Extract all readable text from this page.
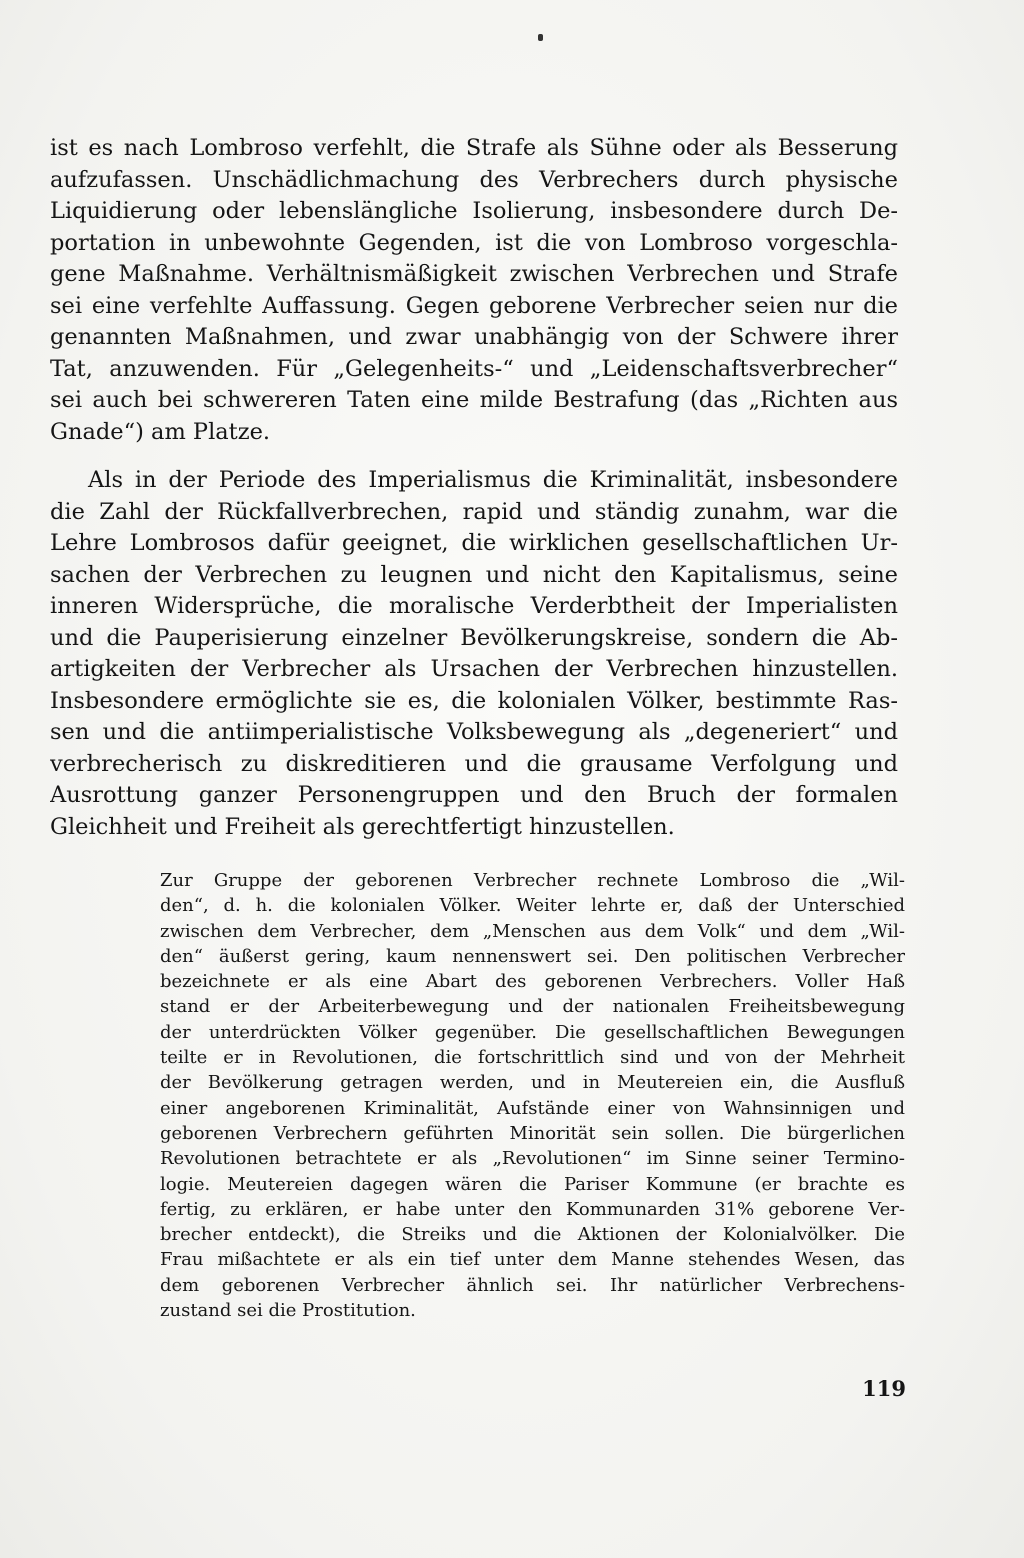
ist es nach Lombroso verfehlt, die Strafe als Sühne oder als Besserung
aufzufassen. Unschädlichmachung des Verbrechers durch physische
Liquidierung oder lebenslängliche Isolierung, insbesondere durch De-
portation in unbewohnte Gegenden, ist die von Lombroso vorgeschla-
gene Maßnahme. Verhältnismäßigkeit zwischen Verbrechen und Strafe
sei eine verfehlte Auffassung. Gegen geborene Verbrecher seien nur die
genannten Maßnahmen, und zwar unabhängig von der Schwere ihrer
Tat, anzuwenden. Für „Gelegenheits-“ und „Leidenschaftsverbrecher“
sei auch bei schwereren Taten eine milde Bestrafung (das „Richten aus
Gnade“) am Platze.
Als in der Periode des Imperialismus die Kriminalität, insbesondere
die Zahl der Rückfallverbrechen, rapid und ständig zunahm, war die
Lehre Lombrosos dafür geeignet, die wirklichen gesellschaftlichen Ur-
sachen der Verbrechen zu leugnen und nicht den Kapitalismus, seine
inneren Widersprüche, die moralische Verderbtheit der Imperialisten
und die Pauperisierung einzelner Bevölkerungskreise, sondern die Ab-
artigkeiten der Verbrecher als Ursachen der Verbrechen hinzustellen.
Insbesondere ermöglichte sie es, die kolonialen Völker, bestimmte Ras-
sen und die antiimperialistische Volksbewegung als „degeneriert“ und
verbrecherisch zu diskreditieren und die grausame Verfolgung und
Ausrottung ganzer Personengruppen und den Bruch der formalen
Gleichheit und Freiheit als gerechtfertigt hinzustellen.
Zur Gruppe der geborenen Verbrecher rechnete Lombroso die „Wil-
den“, d. h. die kolonialen Völker. Weiter lehrte er, daß der Unterschied
zwischen dem Verbrecher, dem „Menschen aus dem Volk“ und dem „Wil-
den“ äußerst gering, kaum nennenswert sei. Den politischen Verbrecher
bezeichnete er als eine Abart des geborenen Verbrechers. Voller Haß
stand er der Arbeiterbewegung und der nationalen Freiheitsbewegung
der unterdrückten Völker gegenüber. Die gesellschaftlichen Bewegungen
teilte er in Revolutionen, die fortschrittlich sind und von der Mehrheit
der Bevölkerung getragen werden, und in Meutereien ein, die Ausfluß
einer angeborenen Kriminalität, Aufstände einer von Wahnsinnigen und
geborenen Verbrechern geführten Minorität sein sollen. Die bürgerlichen
Revolutionen betrachtete er als „Revolutionen“ im Sinne seiner Termino-
logie. Meutereien dagegen wären die Pariser Kommune (er brachte es
fertig, zu erklären, er habe unter den Kommunarden 31% geborene Ver-
brecher entdeckt), die Streiks und die Aktionen der Kolonialvölker. Die
Frau mißachtete er als ein tief unter dem Manne stehendes Wesen, das
dem geborenen Verbrecher ähnlich sei. Ihr natürlicher Verbrechens-
zustand sei die Prostitution.
119
